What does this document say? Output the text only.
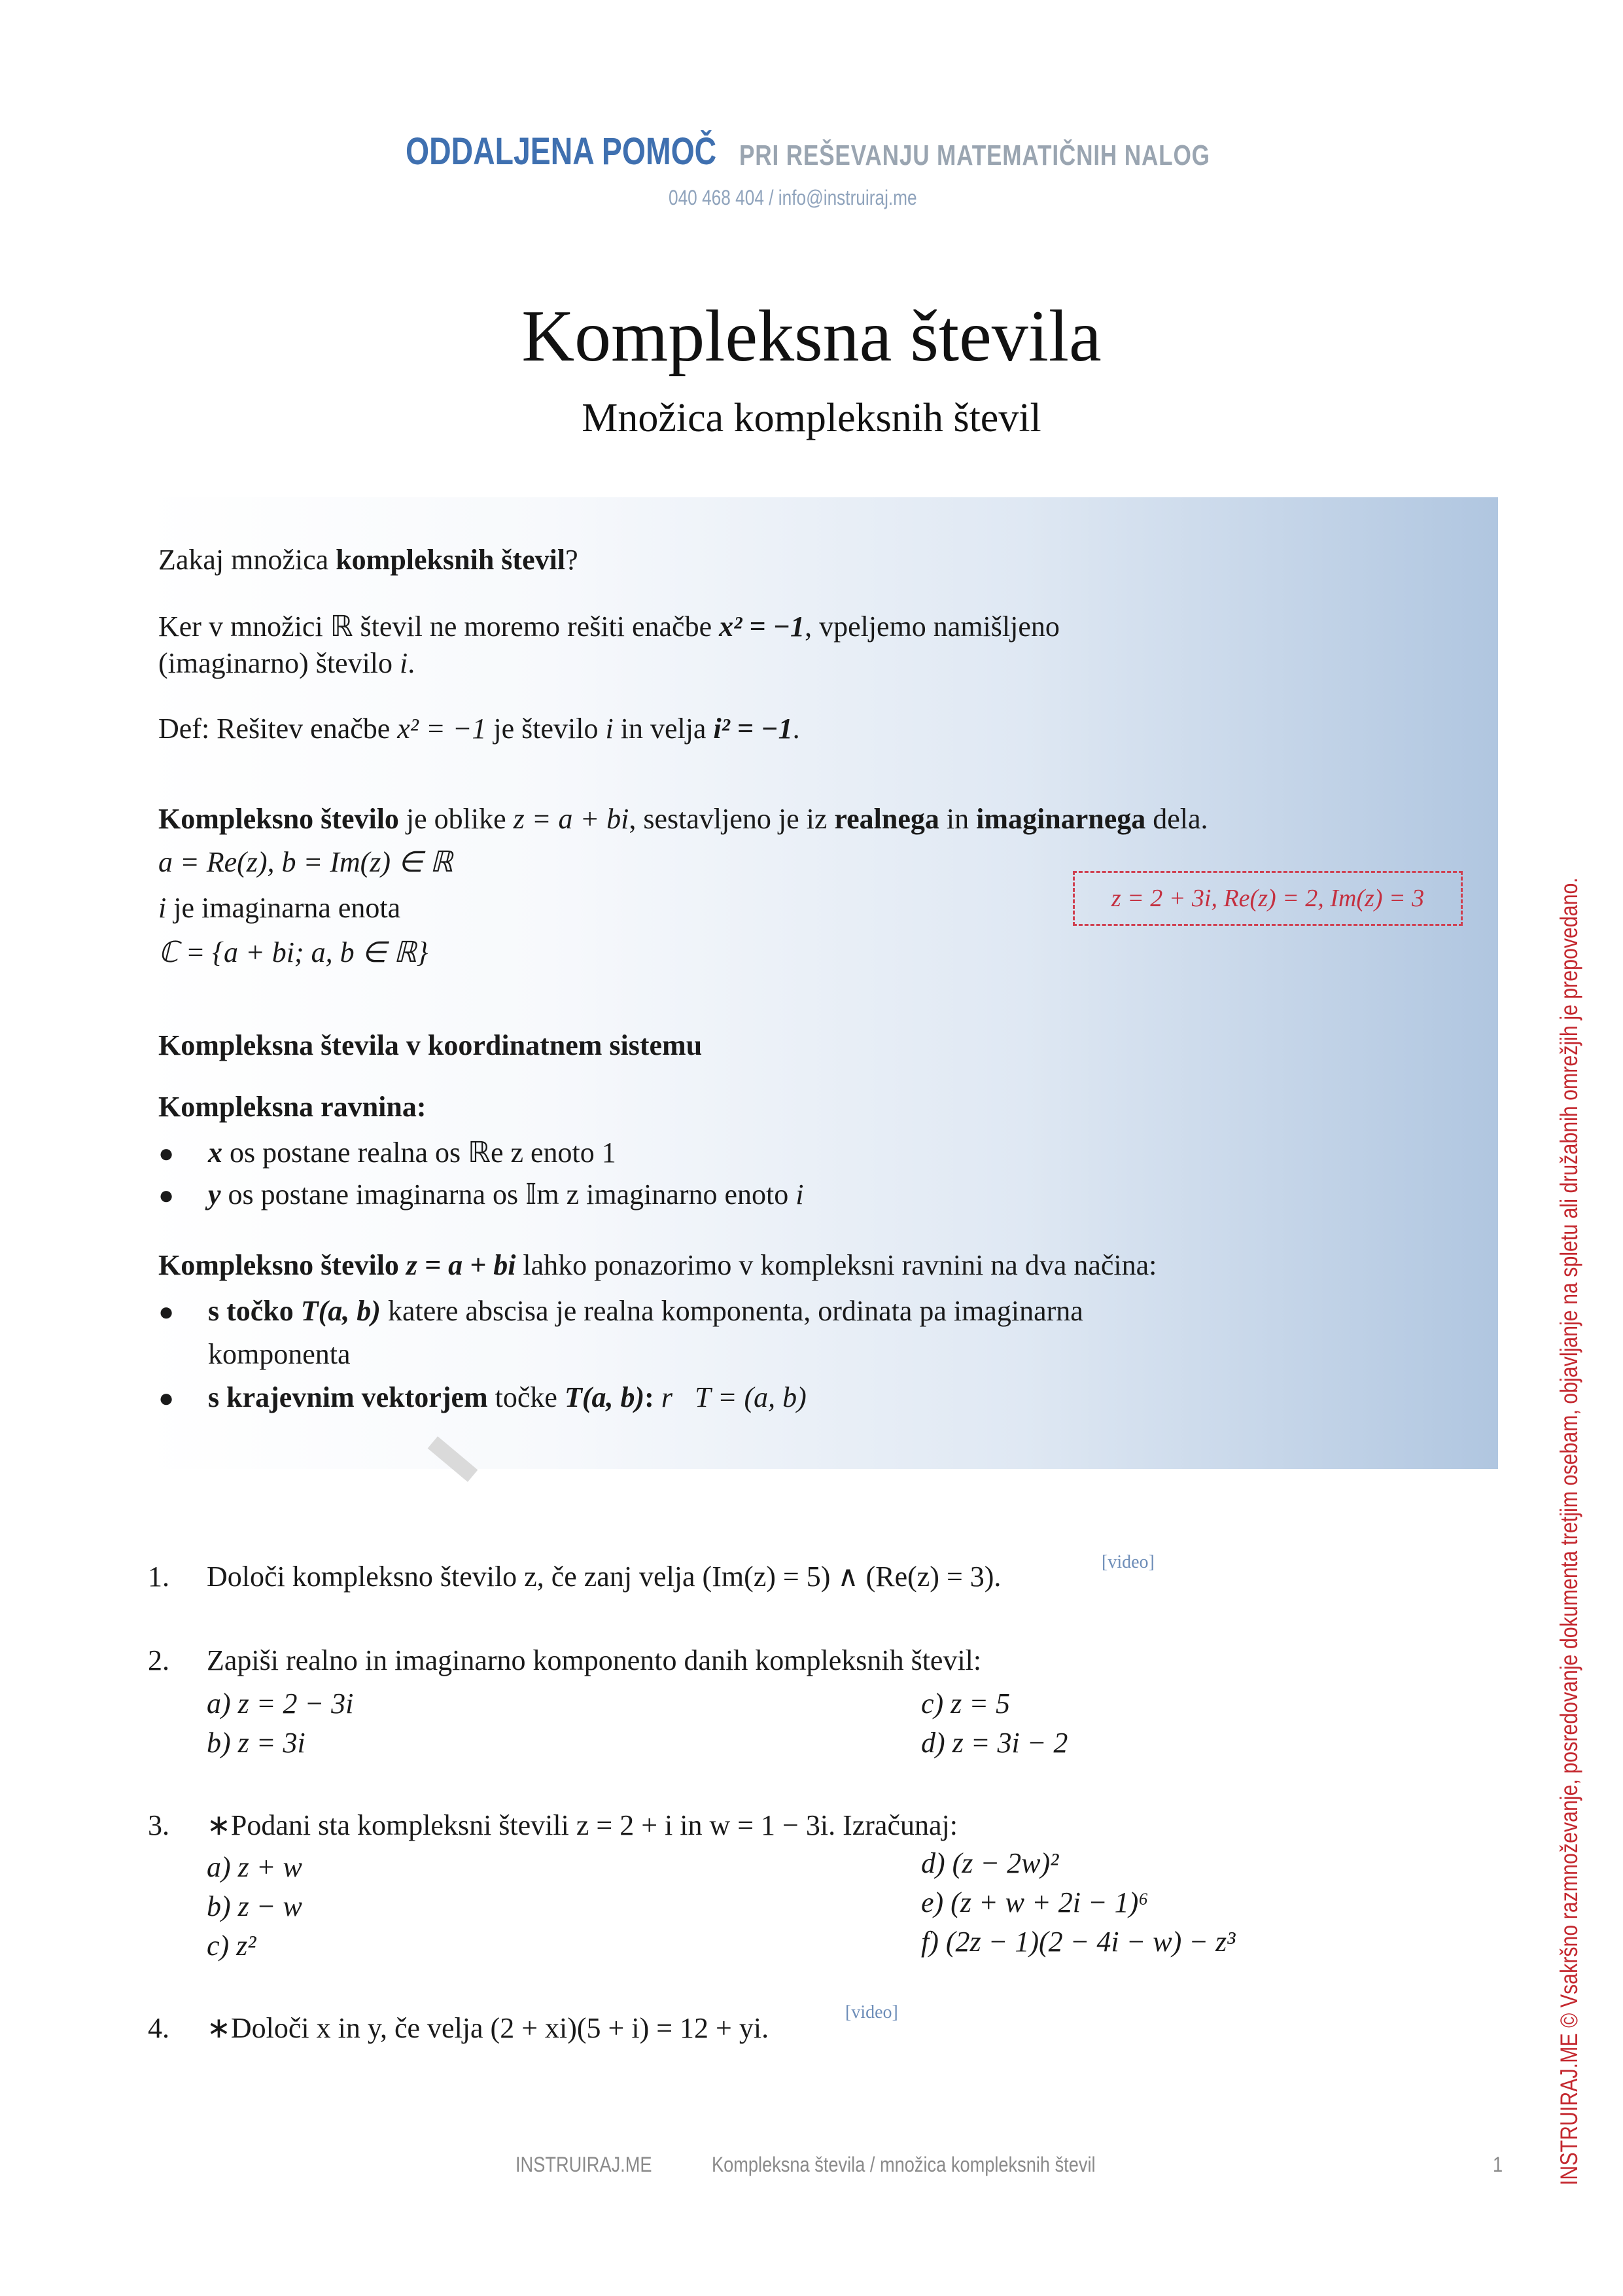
ODDALJENA POMOČ PRI REŠEVANJU MATEMATIČNIH NALOG
040 468 404 / info@instruiraj.me
Kompleksna števila
Množica kompleksnih števil
Zakaj množica kompleksnih števil?
Ker v množici ℝ števil ne moremo rešiti enačbe x² = −1, vpeljemo namišljeno
(imaginarno) število i.
Def: Rešitev enačbe x² = −1 je število i in velja i² = −1.
Kompleksno število je oblike z = a + bi, sestavljeno je iz realnega in imaginarnega dela.
a = Re(z), b = Im(z) ∈ ℝ
i je imaginarna enota
ℂ = {a + bi; a, b ∈ ℝ}
z = 2 + 3i, Re(z) = 2, Im(z) = 3
Kompleksna števila v koordinatnem sistemu
Kompleksna ravnina:
● x os postane realna os ℝe z enoto 1
● y os postane imaginarna os 𝕀m z imaginarno enoto i
Kompleksno število z = a + bi lahko ponazorimo v kompleksni ravnini na dva načina:
● s točko T(a, b) katere abscisa je realna komponenta, ordinata pa imaginarna
komponenta
● s krajevnim vektorjem točke T(a, b): r⃗T = (a, b)
1. Določi kompleksno število z, če zanj velja (Im(z) = 5) ∧ (Re(z) = 3).	[video]
2. Zapiši realno in imaginarno komponento danih kompleksnih števil:
a) z = 2 − 3i
b) z = 3i
c) z = 5
d) z = 3i − 2
3. ∗Podani sta kompleksni števili z = 2 + i in w = 1 − 3i. Izračunaj:
a) z + w
b) z − w
c) z²
d) (z − 2w)²
e) (z + w + 2i − 1)⁶
f) (2z − 1)(2 − 4i − w) − z³
4. ∗Določi x in y, če velja (2 + xi)(5 + i) = 12 + yi.	[video]
INSTRUIRAJ.ME	Kompleksna števila / množica kompleksnih števil	1 INSTRUIRAJ.ME © Vsakršno razmnoževanje, posredovanje dokumenta tretjim osebam, objavljanje na spletu ali družabnih omrežjih je prepovedano.
